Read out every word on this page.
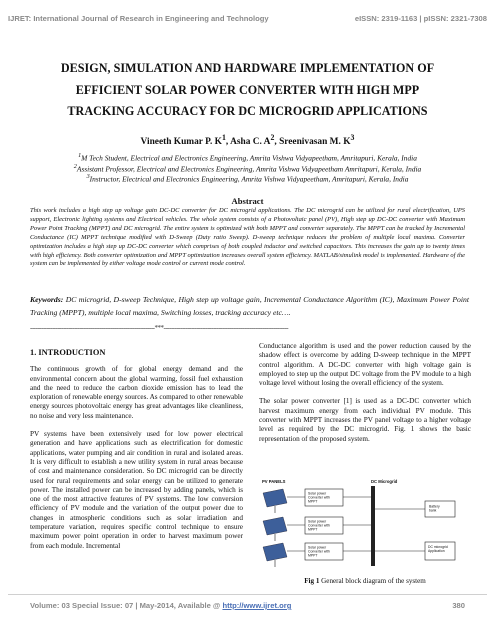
IJRET: International Journal of Research in Engineering and Technology	eISSN: 2319-1163 | pISSN: 2321-7308
DESIGN, SIMULATION AND HARDWARE IMPLEMENTATION OF
EFFICIENT SOLAR POWER CONVERTER WITH HIGH MPP
TRACKING ACCURACY FOR DC MICROGRID APPLICATIONS
Vineeth Kumar P. $K^1$, Asha C. $A^2$, Sreenivasan M. $K^3$
$^1$M Tech Student, Electrical and Electronics Engineering, Amrita Vishwa Vidyapeetham, Amritapuri, Kerala, India
$^2$Assistant Professor, Electrical and Electronics Engineering, Amrita Vishwa Vidyapeetham Amritapuri, Kerala, India
$^3$Instructor, Electrical and Electronics Engineering, Amrita Vishwa Vidyapeetham, Amritapuri, Kerala, India
Abstract
This work includes a high step up voltage gain DC-DC converter for DC microgrid applications. The DC microgrid can be utilized for rural electrification, UPS support, Electronic lighting systems and Electrical vehicles. The whole system consists of a Photovoltaic panel (PV), High step up DC-DC converter with Maximum Power Point Tracking (MPPT) and DC microgrid. The entire system is optimized with both MPPT and converter separately. The MPPT can be tracked by Incremental Conductance (IC) MPPT technique modified with D-Sweep (Duty ratio Sweep). D-sweep technique reduces the problem of multiple local maxima. Converter optimization includes a high step up DC-DC converter which comprises of both coupled inductor and switched capacitors. This increases the gain up to twenty times with high efficiency. Both converter optimization and MPPT optimization increases overall system efficiency. MATLAB/simulink model is implemented. Hardware of the system can be implemented by either voltage mode control or current mode control.
Keywords: DC microgrid, D-sweep Technique, High step up voltage gain, Incremental Conductance Algorithm (IC), Maximum Power Point Tracking (MPPT), multiple local maxima, Switching losses, tracking accuracy etc….
--------------------------------------------------------------------***--------------------------------------------------------------------
1. INTRODUCTION

The continuous growth of for global energy demand and the environmental concern about the global warming, fossil fuel exhaustion and the need to reduce the carbon dioxide emission has to lead the exploration of renewable energy sources. As compared to other renewable energy sources photovoltaic energy has great advantages like cleanliness, no noise and very less maintenance.

PV systems have been extensively used for low power electrical generation and have applications such as electrification for domestic applications, water pumping and air condition in rural and isolated areas. It is very difficult to establish a new utility system in rural areas because of cost and maintenance consideration. So DC microgrid can be directly used for rural requirements and solar energy can be utilized to generate power. The installed power can be increased by adding panels, which is one of the most attractive features of PV systems. The low conversion efficiency of PV module and the variation of the output power due to changes in atmospheric conditions such as solar irradiation and temperature variation, requires specific control technique to ensure maximum power point operation in order to harvest maximum power from each module. Incremental

Conductance algorithm is used and the power reduction caused by the shadow effect is overcome by adding D-sweep technique in the MPPT control algorithm. A DC-DC converter with high voltage gain is employed to step up the output DC voltage from the PV module to a high voltage level without losing the overall efficiency of the system.

The solar power converter [1] is used as a DC-DC converter which harvest maximum energy from each individual PV module. This converter with MPPT increases the PV panel voltage to a higher voltage level as required by the DC microgrid. Fig. 1 shows the basic representation of the proposed system.

PV PANELS	DC Microgrid
Solar power Converter with MPPT
Solar power Converter with MPPT
Solar power Converter with MPPT
Battery bank
DC microgrid Application
Fig 1 General block diagram of the system
Volume: 03 Special Issue: 07 | May-2014, Available @ http://www.ijret.org	380
